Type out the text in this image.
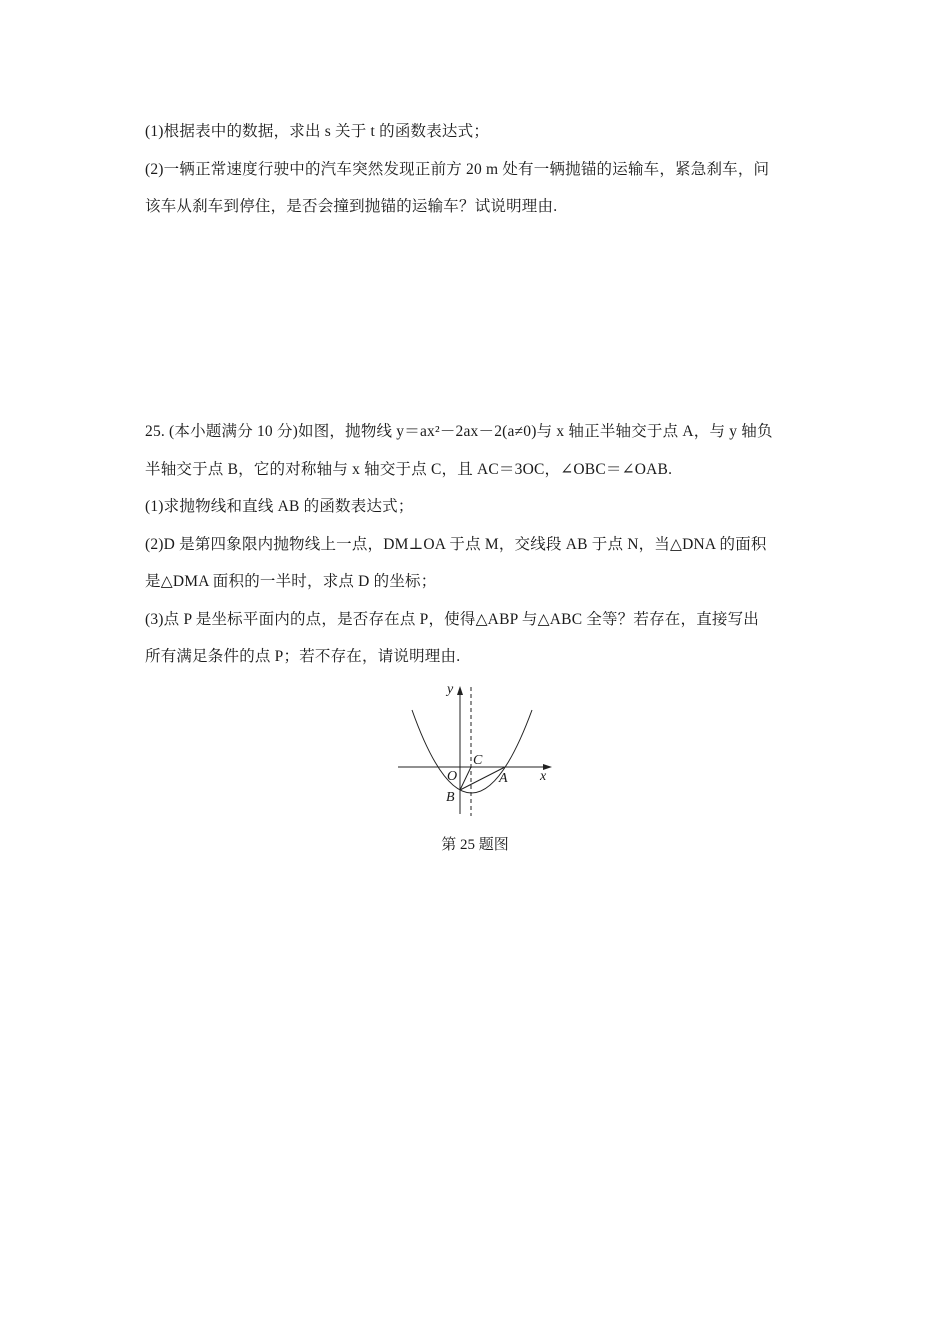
(1)根据表中的数据，求出 s 关于 t 的函数表达式；
(2)一辆正常速度行驶中的汽车突然发现正前方 20 m 处有一辆抛锚的运输车，紧急刹车，问
该车从刹车到停住，是否会撞到抛锚的运输车？试说明理由.
25. (本小题满分 10 分)如图，抛物线 y＝ax²－2ax－2(a≠0)与 x 轴正半轴交于点 A，与 y 轴负
半轴交于点 B，它的对称轴与 x 轴交于点 C，且 AC＝3OC，∠OBC＝∠OAB.
(1)求抛物线和直线 AB 的函数表达式；
(2)D 是第四象限内抛物线上一点，DM⊥OA 于点 M，交线段 AB 于点 N，当△DNA 的面积
是△DMA 面积的一半时，求点 D 的坐标；
(3)点 P 是坐标平面内的点，是否存在点 P，使得△ABP 与△ABC 全等？若存在，直接写出
所有满足条件的点 P；若不存在，请说明理由.
y
x
O
C
A
B
第 25 题图
